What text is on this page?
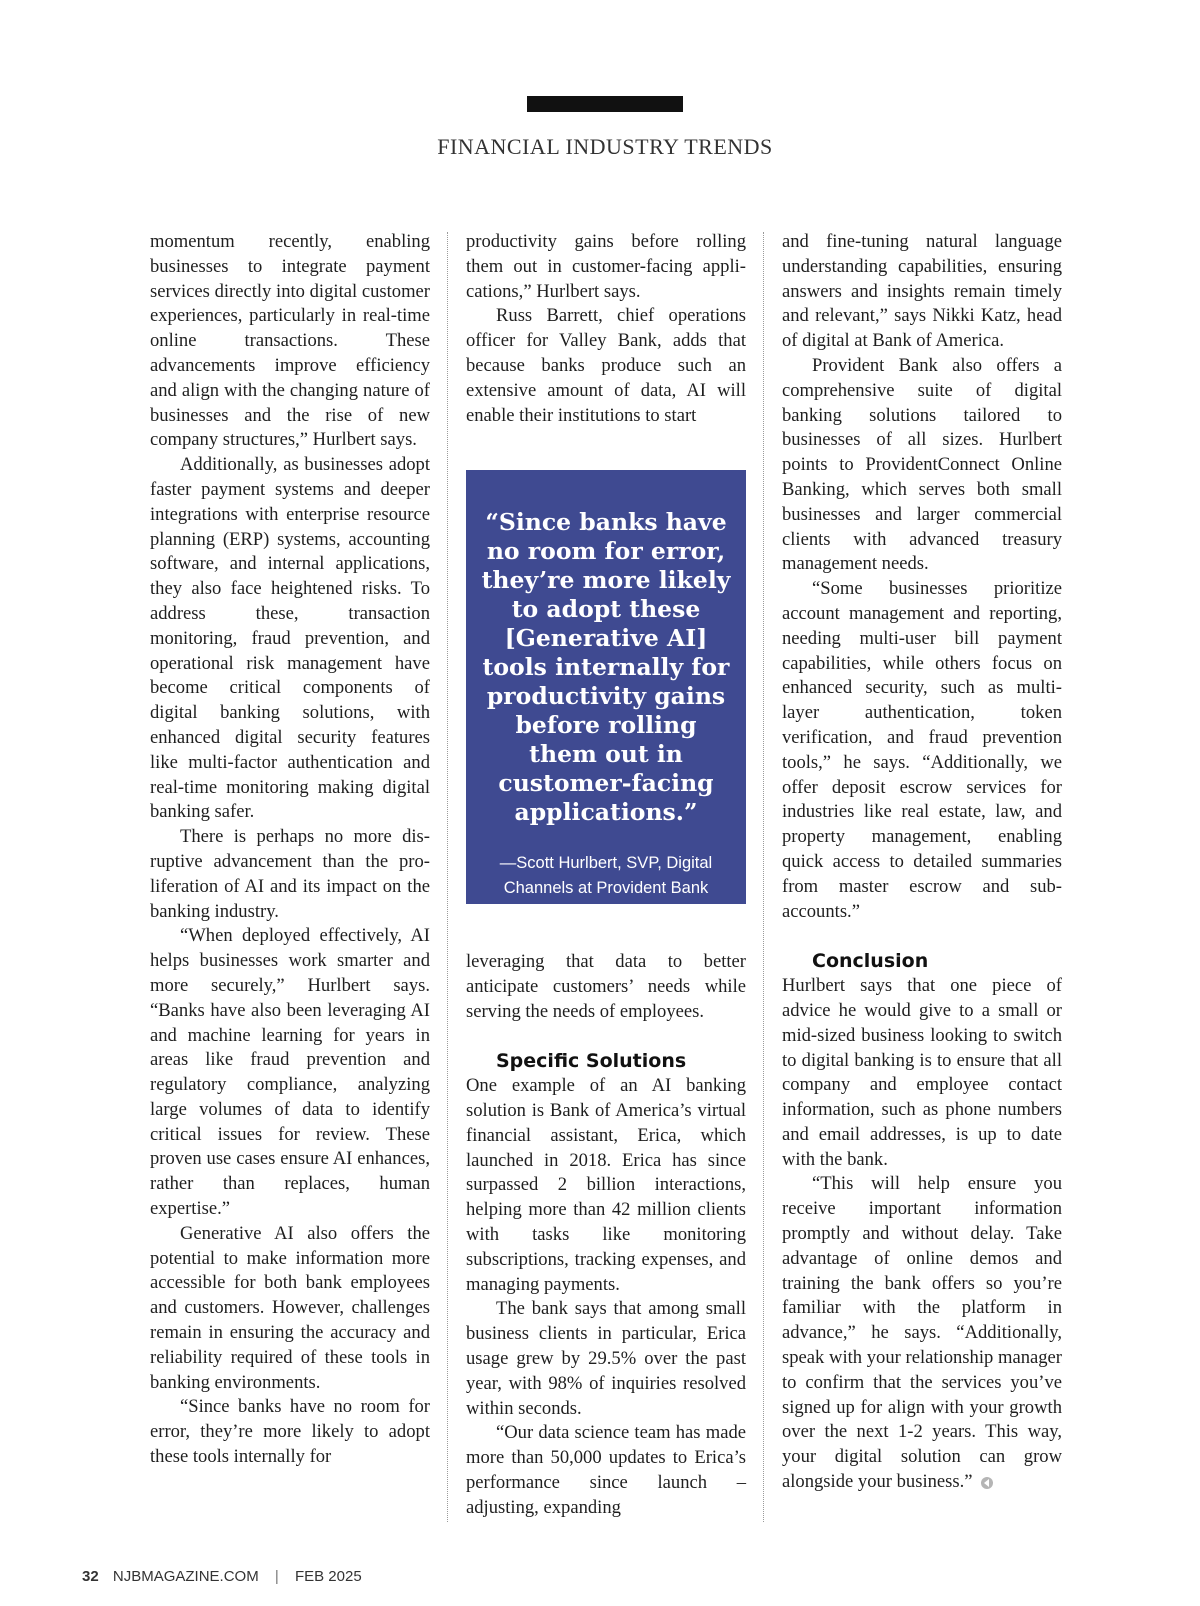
FINANCIAL INDUSTRY TRENDS

momentum recently, enabling businesses to integrate payment services directly into digital customer experiences, particularly in real-time online transactions. These advancements improve efficiency and align with the changing nature of businesses and the rise of new company structures,” Hurlbert says.

Additionally, as businesses adopt faster payment systems and deeper integrations with enterprise resource planning (ERP) systems, accounting software, and internal applications, they also face heightened risks. To address these, transaction monitoring, fraud prevention, and operational risk management have become critical components of digital banking solutions, with enhanced digital security features like multi-factor authentication and real-time monitoring making digital banking safer.

There is perhaps no more disruptive advancement than the proliferation of AI and its impact on the banking industry.

“When deployed effectively, AI helps businesses work smarter and more securely,” Hurlbert says. “Banks have also been leveraging AI and machine learning for years in areas like fraud prevention and regulatory compliance, analyzing large volumes of data to identify critical issues for review. These proven use cases ensure AI enhances, rather than replaces, human expertise.”

Generative AI also offers the potential to make information more accessible for both bank employees and customers. However, challenges remain in ensuring the accuracy and reliability required of these tools in banking environments.

“Since banks have no room for error, they’re more likely to adopt these tools internally for

productivity gains before rolling them out in customer-facing applications,” Hurlbert says.

Russ Barrett, chief operations officer for Valley Bank, adds that because banks produce such an extensive amount of data, AI will enable their institutions to start

“Since banks have no room for error, they’re more likely to adopt these [Generative AI] tools internally for productivity gains before rolling them out in customer-facing applications.”
—Scott Hurlbert, SVP, Digital Channels at Provident Bank

leveraging that data to better anticipate customers’ needs while serving the needs of employees.

Specific Solutions

One example of an AI banking solution is Bank of America’s virtual financial assistant, Erica, which launched in 2018. Erica has since surpassed 2 billion interactions, helping more than 42 million clients with tasks like monitoring subscriptions, tracking expenses, and managing payments.

The bank says that among small business clients in particular, Erica usage grew by 29.5% over the past year, with 98% of inquiries resolved within seconds.

“Our data science team has made more than 50,000 updates to Erica’s performance since launch – adjusting, expanding

and fine-tuning natural language understanding capabilities, ensuring answers and insights remain timely and relevant,” says Nikki Katz, head of digital at Bank of America.

Provident Bank also offers a comprehensive suite of digital banking solutions tailored to businesses of all sizes. Hurlbert points to ProvidentConnect Online Banking, which serves both small businesses and larger commercial clients with advanced treasury management needs.

“Some businesses prioritize account management and reporting, needing multi-user bill payment capabilities, while others focus on enhanced security, such as multi-layer authentication, token verification, and fraud prevention tools,” he says. “Additionally, we offer deposit escrow services for industries like real estate, law, and property management, enabling quick access to detailed summaries from master escrow and sub-accounts.”

Conclusion

Hurlbert says that one piece of advice he would give to a small or mid-sized business looking to switch to digital banking is to ensure that all company and employee contact information, such as phone numbers and email addresses, is up to date with the bank.

“This will help ensure you receive important information promptly and without delay. Take advantage of online demos and training the bank offers so you’re familiar with the platform in advance,” he says. “Additionally, speak with your relationship manager to confirm that the services you’ve signed up for align with your growth over the next 1-2 years. This way, your digital solution can grow alongside your business.”

32 NJBMAGAZINE.COM | FEB 2025
